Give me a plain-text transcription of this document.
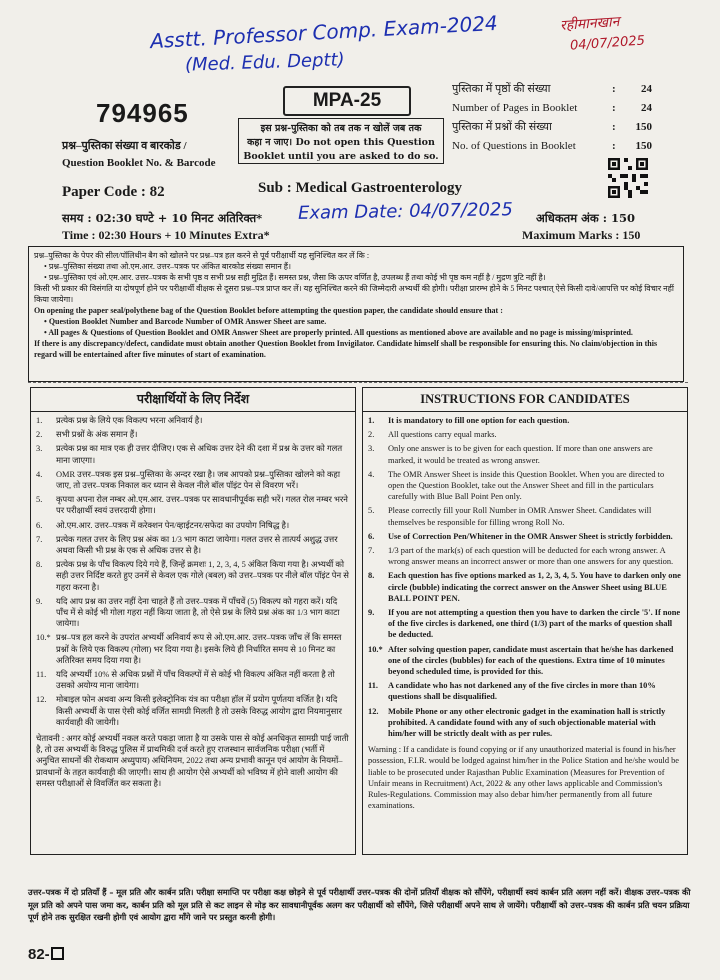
Asstt. Professor Comp. Exam-2024
(Med. Edu. Deptt)
रहीमानखान
04/07/2025
794965
प्रश्न–पुस्तिका संख्या व बारकोड /
Question Booklet No. & Barcode
MPA-25
इस प्रश्न-पुस्तिका को तब तक न खोलें जब तक
कहा न जाए। Do not open this Question
Booklet until you are asked to do so.
पुस्तिका में पृष्ठों की संख्या	: 24
Number of Pages in Booklet	: 24
पुस्तिका में प्रश्नों की संख्या	: 150
No. of Questions in Booklet	: 150
Paper Code : 82	Sub : Medical Gastroenterology
समय : 02:30 घण्टे + 10 मिनट अतिरिक्त*
Time : 02:30 Hours + 10 Minutes Extra*
Exam Date: 04/07/2025 अधिकतम अंक : 150
Maximum Marks : 150

प्रश्न–पुस्तिका के पेपर की सील/पॉलिथीन बैग को खोलने पर प्रश्न–पत्र हल करने से पूर्व परीक्षार्थी यह सुनिश्चित कर लें कि :

• प्रश्न–पुस्तिका संख्या तथा ओ.एम.आर. उत्तर–पत्रक पर अंकित बारकोड संख्या समान हैं।

• प्रश्न–पुस्तिका एवं ओ.एम.आर. उत्तर–पत्रक के सभी पृष्ठ व सभी प्रश्न सही मुद्रित हैं। समस्त प्रश्न, जैसा कि ऊपर वर्णित है, उपलब्ध हैं तथा कोई भी पृष्ठ कम नहीं है / मुद्रण त्रुटि नहीं है।

किसी भी प्रकार की विसंगति या दोषपूर्ण होने पर परीक्षार्थी वीक्षक से दूसरा प्रश्न–पत्र प्राप्त कर लें। यह सुनिश्चित करने की जिम्मेदारी अभ्यर्थी की होगी। परीक्षा प्रारम्भ होने के 5 मिनट पश्चात् ऐसे किसी दावे/आपत्ति पर कोई विचार नहीं किया जायेगा।

On opening the paper seal/polythene bag of the Question Booklet before attempting the question paper, the candidate should ensure that :

• Question Booklet Number and Barcode Number of OMR Answer Sheet are same.

• All pages & Questions of Question Booklet and OMR Answer Sheet are properly printed. All questions as mentioned above are available and no page is missing/misprinted.

If there is any discrepancy/defect, candidate must obtain another Question Booklet from Invigilator. Candidate himself shall be responsible for ensuring this. No claim/objection in this regard will be entertained after five minutes of start of examination.

परीक्षार्थियों के लिए निर्देश
1.	प्रत्येक प्रश्न के लिये एक विकल्प भरना अनिवार्य है।
2.	सभी प्रश्नों के अंक समान हैं।
3.	प्रत्येक प्रश्न का मात्र एक ही उत्तर दीजिए। एक से अधिक उत्तर देने की दशा में प्रश्न के उत्तर को गलत माना जाएगा।
4.	OMR उत्तर–पत्रक इस प्रश्न–पुस्तिका के अन्दर रखा है। जब आपको प्रश्न–पुस्तिका खोलने को कहा जाए, तो उत्तर–पत्रक निकाल कर ध्यान से केवल नीले बॉल पॉइंट पेन से विवरण भरें।
5.	कृपया अपना रोल नम्बर ओ.एम.आर. उत्तर–पत्रक पर सावधानीपूर्वक सही भरें। गलत रोल नम्बर भरने पर परीक्षार्थी स्वयं उत्तरदायी होगा।
6.	ओ.एम.आर. उत्तर–पत्रक में करेक्शन पेन/व्हाईटनर/सफेदा का उपयोग निषिद्ध है।
7.	प्रत्येक गलत उत्तर के लिए प्रश्न अंक का 1/3 भाग काटा जायेगा। गलत उत्तर से तात्पर्य अशुद्ध उत्तर अथवा किसी भी प्रश्न के एक से अधिक उत्तर से है।
8.	प्रत्येक प्रश्न के पाँच विकल्प दिये गये हैं, जिन्हें क्रमशः 1, 2, 3, 4, 5 अंकित किया गया है। अभ्यर्थी को सही उत्तर निर्दिष्ट करते हुए उनमें से केवल एक गोले (बबल) को उत्तर–पत्रक पर नीले बॉल पॉइंट पेन से गहरा करना है।
9.	यदि आप प्रश्न का उत्तर नहीं देना चाहते हैं तो उत्तर–पत्रक में पाँचवें (5) विकल्प को गहरा करें। यदि पाँच में से कोई भी गोला गहरा नहीं किया जाता है, तो ऐसे प्रश्न के लिये प्रश्न अंक का 1/3 भाग काटा जायेगा।
10.* प्रश्न–पत्र हल करने के उपरांत अभ्यर्थी अनिवार्य रूप से ओ.एम.आर. उत्तर–पत्रक जाँच लें कि समस्त प्रश्नों के लिये एक विकल्प (गोला) भर दिया गया है। इसके लिये ही निर्धारित समय से 10 मिनट का अतिरिक्त समय दिया गया है।
11.	यदि अभ्यर्थी 10% से अधिक प्रश्नों में पाँच विकल्पों में से कोई भी विकल्प अंकित नहीं करता है तो उसको अयोग्य माना जायेगा।
12.	मोबाइल फोन अथवा अन्य किसी इलेक्ट्रोनिक यंत्र का परीक्षा हॉल में प्रयोग पूर्णतया वर्जित है। यदि किसी अभ्यर्थी के पास ऐसी कोई वर्जित सामग्री मिलती है तो उसके विरुद्ध आयोग द्वारा नियमानुसार कार्यवाही की जायेगी।
चेतावनी : अगर कोई अभ्यर्थी नकल करते पकड़ा जाता है या उसके पास से कोई अनधिकृत सामग्री पाई जाती है, तो उस अभ्यर्थी के विरुद्ध पुलिस में प्राथमिकी दर्ज करते हुए राजस्थान सार्वजनिक परीक्षा (भर्ती में अनुचित साधनों की रोकथाम अध्युपाय) अधिनियम, 2022 तथा अन्य प्रभावी कानून एवं आयोग के नियमों–प्रावधानों के तहत कार्यवाही की जाएगी। साथ ही आयोग ऐसे अभ्यर्थी को भविष्य में होने वाली आयोग की समस्त परीक्षाओं से विवर्जित कर सकता है।
INSTRUCTIONS FOR CANDIDATES
1.	It is mandatory to fill one option for each question.
2.	All questions carry equal marks.
3.	Only one answer is to be given for each question. If more than one answers are marked, it would be treated as wrong answer.
4.	The OMR Answer Sheet is inside this Question Booklet. When you are directed to open the Question Booklet, take out the Answer Sheet and fill in the particulars carefully with Blue Ball Point Pen only.
5.	Please correctly fill your Roll Number in OMR Answer Sheet. Candidates will themselves be responsible for filling wrong Roll No.
6.	Use of Correction Pen/Whitener in the OMR Answer Sheet is strictly forbidden.
7.	1/3 part of the mark(s) of each question will be deducted for each wrong answer. A wrong answer means an incorrect answer or more than one answers for any question.
8.	Each question has five options marked as 1, 2, 3, 4, 5. You have to darken only one circle (bubble) indicating the correct answer on the Answer Sheet using BLUE BALL POINT PEN.
9.	If you are not attempting a question then you have to darken the circle '5'. If none of the five circles is darkened, one third (1/3) part of the marks of question shall be deducted.
10.* After solving question paper, candidate must ascertain that he/she has darkened one of the circles (bubbles) for each of the questions. Extra time of 10 minutes beyond scheduled time, is provided for this.
11.	A candidate who has not darkened any of the five circles in more than 10% questions shall be disqualified.
12.	Mobile Phone or any other electronic gadget in the examination hall is strictly prohibited. A candidate found with any of such objectionable material with him/her will be strictly dealt with as per rules.
Warning : If a candidate is found copying or if any unauthorized material is found in his/her possession, F.I.R. would be lodged against him/her in the Police Station and he/she would be liable to be prosecuted under Rajasthan Public Examination (Measures for Prevention of Unfair means in Recruitment) Act, 2022 & any other laws applicable and Commission's Rules-Regulations. Commission may also debar him/her permanently from all future examinations.
उत्तर–पत्रक में दो प्रतियाँ हैं – मूल प्रति और कार्बन प्रति। परीक्षा समाप्ति पर परीक्षा कक्ष छोड़ने से पूर्व परीक्षार्थी उत्तर–पत्रक की दोनों प्रतियाँ वीक्षक को सौंपेंगे, परीक्षार्थी स्वयं कार्बन प्रति अलग नहीं करें। वीक्षक उत्तर–पत्रक की मूल प्रति को अपने पास जमा कर, कार्बन प्रति को मूल प्रति से कट लाइन से मोड़ कर सावधानीपूर्वक अलग कर परीक्षार्थी को सौंपेंगे, जिसे परीक्षार्थी अपने साथ ले जायेंगे। परीक्षार्थी को उत्तर–पत्रक की कार्बन प्रति चयन प्रक्रिया पूर्ण होने तक सुरक्षित रखनी होगी एवं आयोग द्वारा माँगे जाने पर प्रस्तुत करनी होगी।
82-
